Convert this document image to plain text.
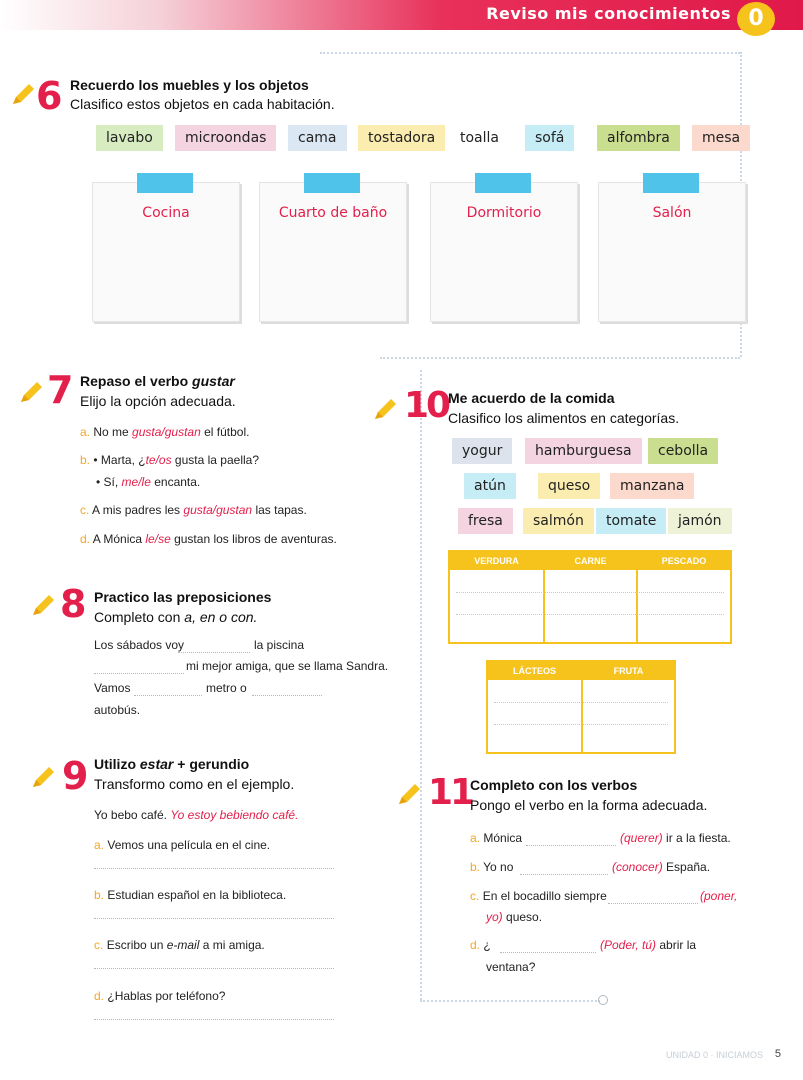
Reviso mis conocimientos 0
6 Recuerdo los muebles y los objetos
Clasifico estos objetos en cada habitación.
lavabo	microondas	cama	tostadora	toalla	sofá	alfombra	mesa
Cocina	Cuarto de baño	Dormitorio	Salón
7 Repaso el verbo gustar
Elijo la opción adecuada.
a. No me gusta/gustan el fútbol.
b. • Marta, ¿te/os gusta la paella?
• Sí, me/le encanta.
c. A mis padres les gusta/gustan las tapas.
d. A Mónica le/se gustan los libros de aventuras.
8 Practico las preposiciones
Completo con a, en o con.
Los sábados voy	la piscina
mi mejor amiga, que se llama Sandra.
Vamos	metro o
autobús.
9 Utilizo estar + gerundio
Transformo como en el ejemplo.
Yo bebo café. Yo estoy bebiendo café.
a. Vemos una película en el cine.
b. Estudian español en la biblioteca.
c. Escribo un e-mail a mi amiga.
d. ¿Hablas por teléfono?
10 Me acuerdo de la comida
Clasifico los alimentos en categorías.
yogur	hamburguesa	cebolla
atún	queso	manzana
fresa	salmón	tomate	jamón
VERDURA	CARNE	PESCADO
LÁCTEOS	FRUTA
11
Completo con los verbos
Pongo el verbo en la forma adecuada.
a. Mónica	(querer) ir a la fiesta.
b. Yo no	(conocer) España.
c. En el bocadillo siempre	(poner,
yo) queso.
d. ¿	(Poder, tú) abrir la
ventana?
UNIDAD 0 · INICIAMOS 5
